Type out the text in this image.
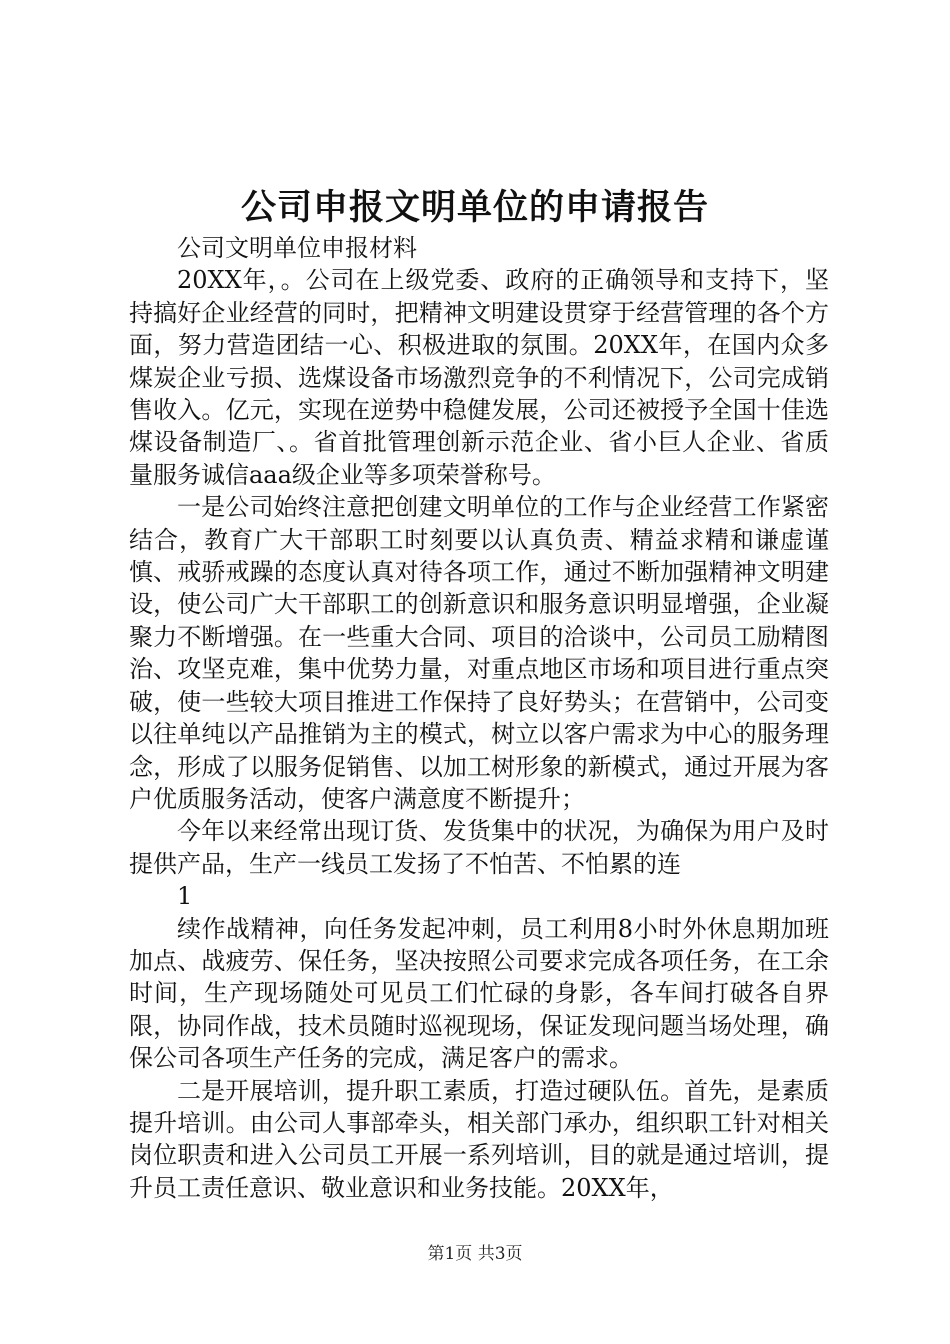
公司申报文明单位的申请报告

公司文明单位申报材料

20XX年，。公司在上级党委、政府的正确领导和支持下，坚持搞好企业经营的同时，把精神文明建设贯穿于经营管理的各个方面，努力营造团结一心、积极进取的氛围。20XX年，在国内众多煤炭企业亏损、选煤设备市场激烈竞争的不利情况下，公司完成销售收入。亿元，实现在逆势中稳健发展，公司还被授予全国十佳选煤设备制造厂、。省首批管理创新示范企业、省小巨人企业、省质量服务诚信aaa级企业等多项荣誉称号。

一是公司始终注意把创建文明单位的工作与企业经营工作紧密结合，教育广大干部职工时刻要以认真负责、精益求精和谦虚谨慎、戒骄戒躁的态度认真对待各项工作，通过不断加强精神文明建设，使公司广大干部职工的创新意识和服务意识明显增强，企业凝聚力不断增强。在一些重大合同、项目的洽谈中，公司员工励精图治、攻坚克难，集中优势力量，对重点地区市场和项目进行重点突破，使一些较大项目推进工作保持了良好势头；在营销中，公司变以往单纯以产品推销为主的模式，树立以客户需求为中心的服务理念，形成了以服务促销售、以加工树形象的新模式，通过开展为客户优质服务活动，使客户满意度不断提升；

今年以来经常出现订货、发货集中的状况，为确保为用户及时提供产品，生产一线员工发扬了不怕苦、不怕累的连

1

续作战精神，向任务发起冲刺，员工利用8小时外休息期加班加点、战疲劳、保任务，坚决按照公司要求完成各项任务，在工余时间，生产现场随处可见员工们忙碌的身影，各车间打破各自界限，协同作战，技术员随时巡视现场，保证发现问题当场处理，确保公司各项生产任务的完成，满足客户的需求。

二是开展培训，提升职工素质，打造过硬队伍。首先，是素质提升培训。由公司人事部牵头，相关部门承办，组织职工针对相关岗位职责和进入公司员工开展一系列培训，目的就是通过培训，提升员工责任意识、敬业意识和业务技能。20XX年，

第1页 共3页
